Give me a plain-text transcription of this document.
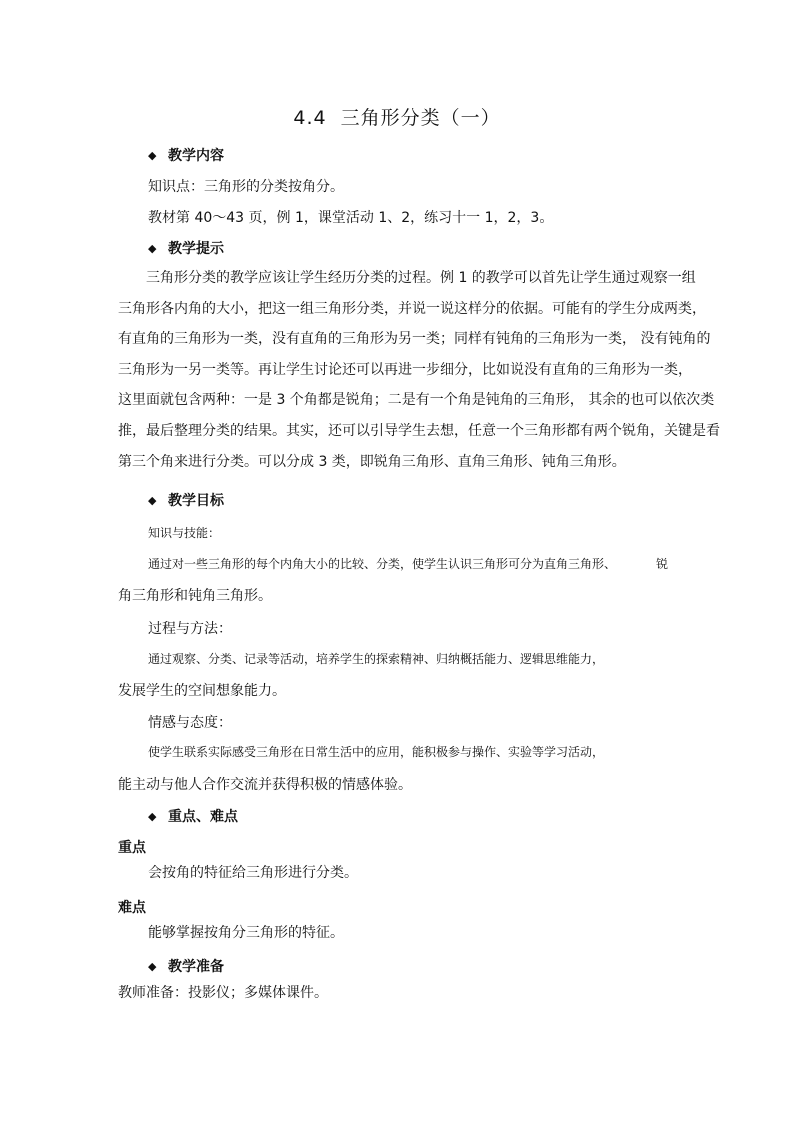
4.4 三角形分类（一）
◆ 教学内容
知识点：三角形的分类按角分。
教材第 40～43 页，例 1，课堂活动 1、2，练习十一 1，2，3。
◆ 教学提示
　　三角形分类的教学应该让学生经历分类的过程。例 1 的教学可以首先让学生通过观察一组
三角形各内角的大小，把这一组三角形分类，并说一说这样分的依据。可能有的学生分成两类，
有直角的三角形为一类，没有直角的三角形为另一类；同样有钝角的三角形为一类， 没有钝角的
三角形为一另一类等。再让学生讨论还可以再进一步细分，比如说没有直角的三角形为一类，
这里面就包含两种：一是 3 个角都是锐角；二是有一个角是钝角的三角形， 其余的也可以依次类
推，最后整理分类的结果。其实，还可以引导学生去想，任意一个三角形都有两个锐角，关键是看
第三个角来进行分类。可以分成 3 类，即锐角三角形、直角三角形、钝角三角形。
◆ 教学目标
知识与技能：
通过对一些三角形的每个内角大小的比较、分类，使学生认识三角形可分为直角三角形、	锐
角三角形和钝角三角形。
过程与方法：
通过观察、分类、记录等活动，培养学生的探索精神、归纳概括能力、逻辑思维能力，
发展学生的空间想象能力。
情感与态度：
使学生联系实际感受三角形在日常生活中的应用，能积极参与操作、实验等学习活动，
能主动与他人合作交流并获得积极的情感体验。
◆ 重点、难点
重点
会按角的特征给三角形进行分类。
难点
能够掌握按角分三角形的特征。
◆ 教学准备
教师准备：投影仪；多媒体课件。
